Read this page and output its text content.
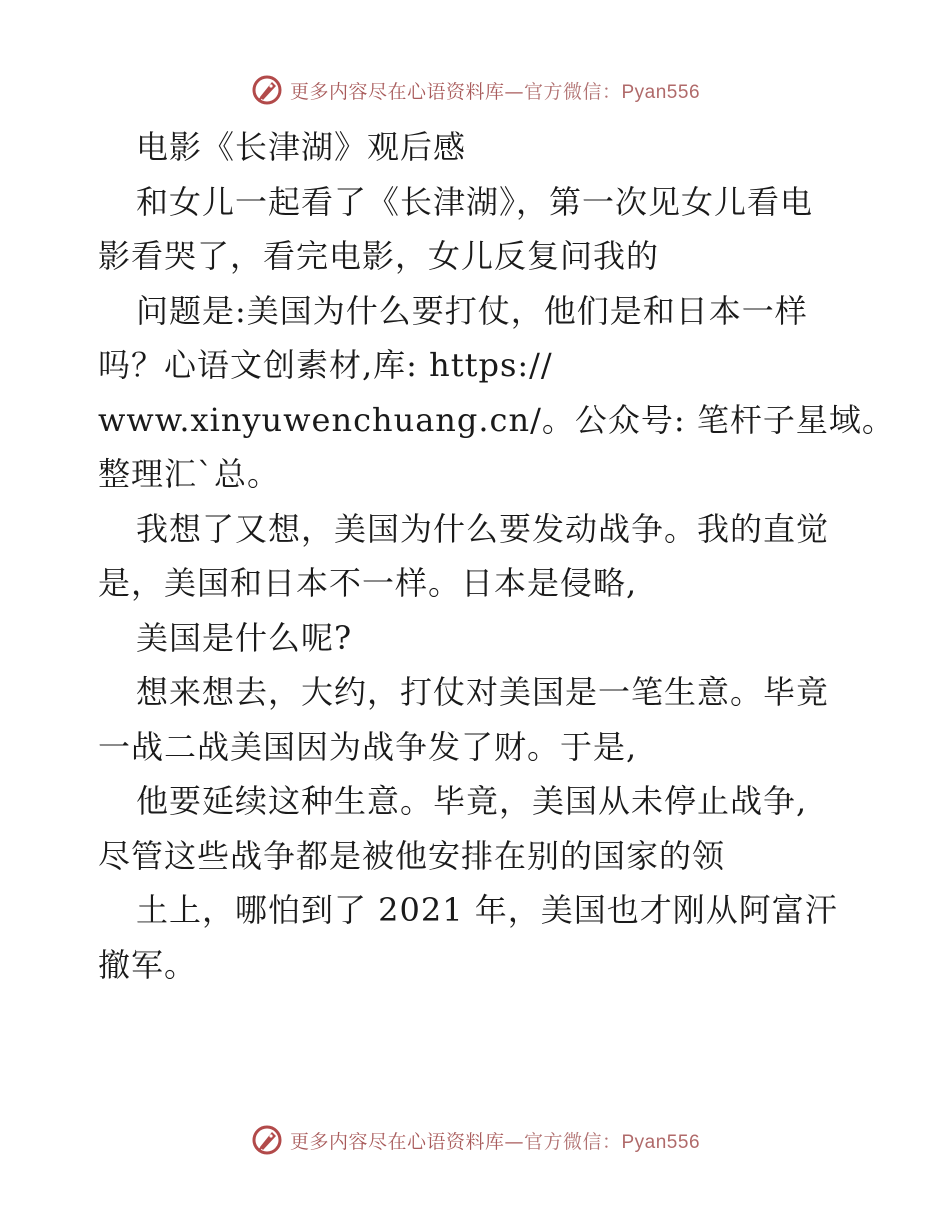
更多内容尽在心语资料库—官方微信：Pyan556
电影《长津湖》观后感
和女儿一起看了《长津湖》，第一次见女儿看电
影看哭了，看完电影，女儿反复问我的
问题是:美国为什么要打仗，他们是和日本一样
吗？心语文创素材,库: https://
www.xinyuwenchuang.cn/。公众号: 笔杆子星域。
整理汇`总。
我想了又想，美国为什么要发动战争。我的直觉
是，美国和日本不一样。日本是侵略,
美国是什么呢?
想来想去，大约，打仗对美国是一笔生意。毕竟
一战二战美国因为战争发了财。于是,
他要延续这种生意。毕竟，美国从未停止战争,
尽管这些战争都是被他安排在别的国家的领
土上，哪怕到了 2021 年，美国也才刚从阿富汗
撤军。
更多内容尽在心语资料库—官方微信：Pyan556
